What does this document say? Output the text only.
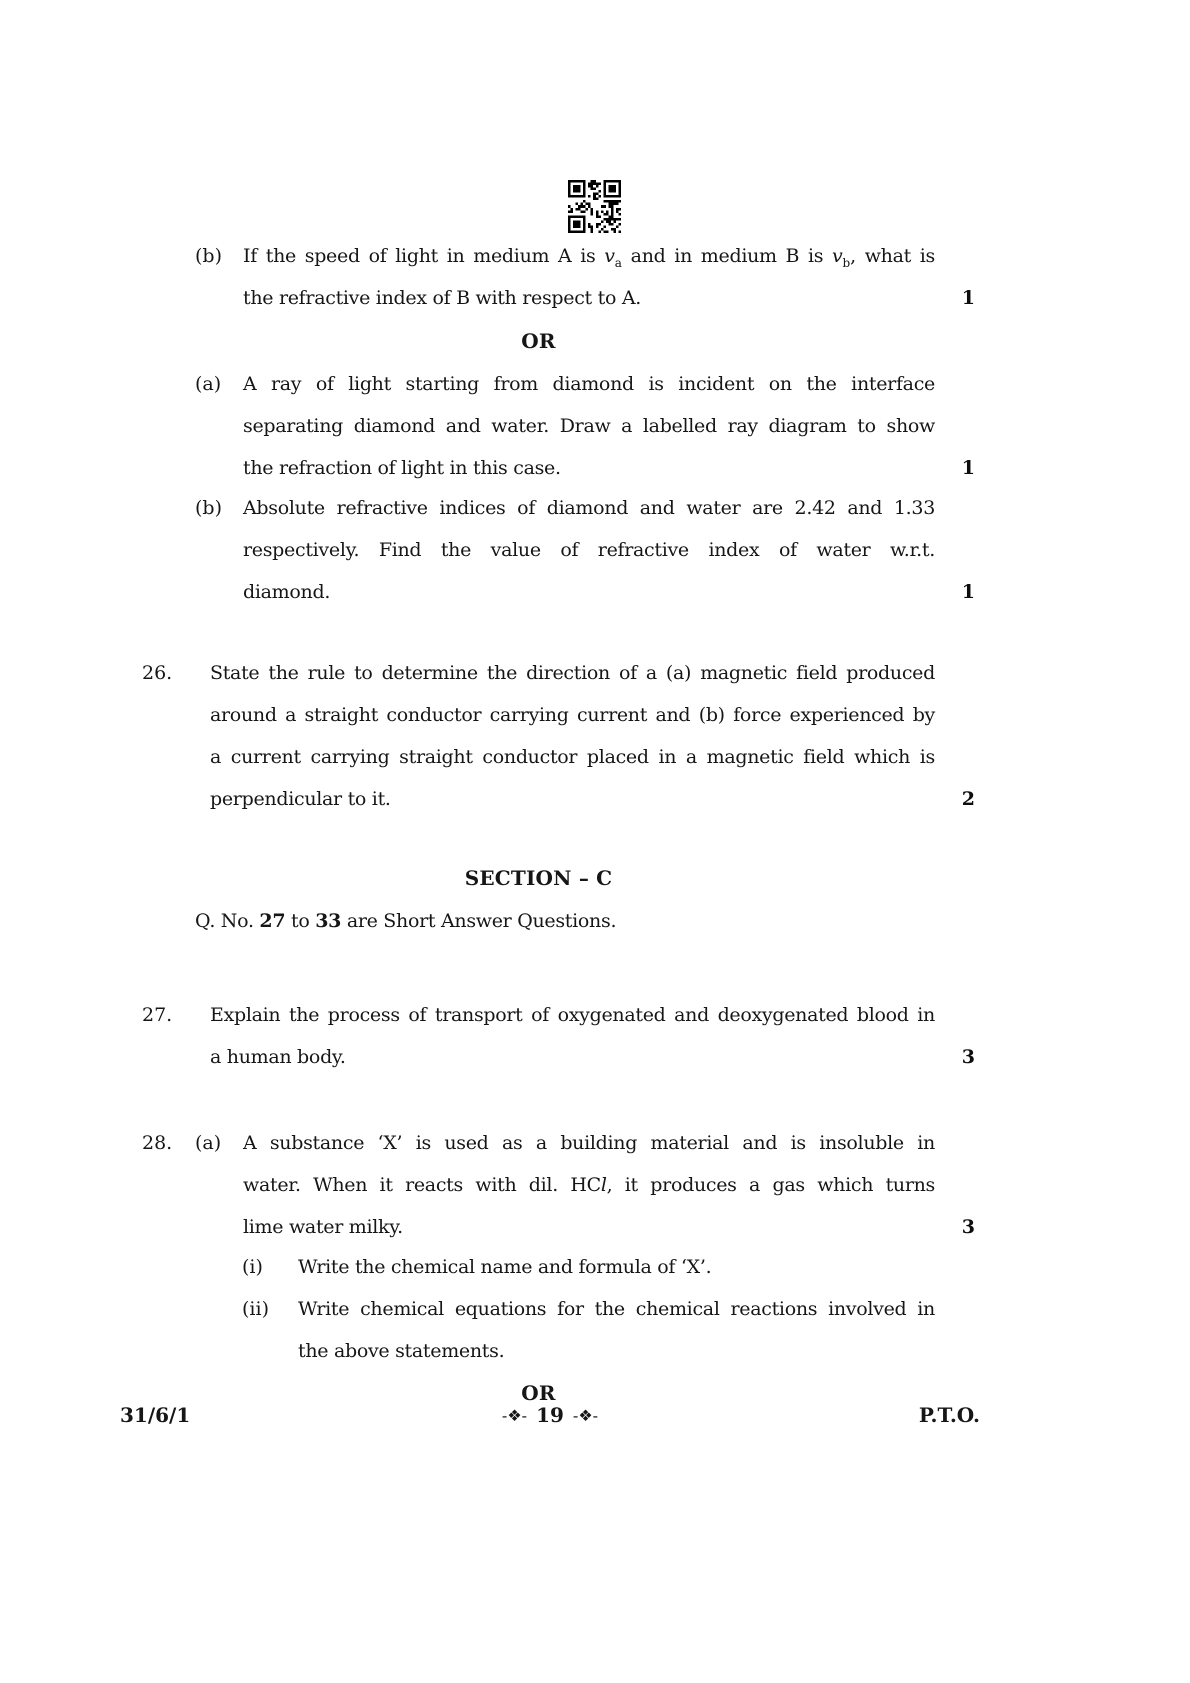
(b) If the speed of light in medium A is $v_a$ and in medium B is $v_b$, what is
the refractive index of B with respect to A.	1
OR
(a) A ray of light starting from diamond is incident on the interface
separating diamond and water. Draw a labelled ray diagram to show
the refraction of light in this case.	1
(b) Absolute refractive indices of diamond and water are 2.42 and 1.33
respectively. Find the value of refractive index of water w.r.t.
diamond.	1
26. State the rule to determine the direction of a (a) magnetic field produced
around a straight conductor carrying current and (b) force experienced by
a current carrying straight conductor placed in a magnetic field which is
perpendicular to it.	2
SECTION – C
Q. No. 27 to 33 are Short Answer Questions.
27. Explain the process of transport of oxygenated and deoxygenated blood in
a human body.	3
28. (a) A substance ‘X’ is used as a building material and is insoluble in
water. When it reacts with dil. HCl, it produces a gas which turns
lime water milky.	3
(i) Write the chemical name and formula of ‘X’.
(ii) Write chemical equations for the chemical reactions involved in
the above statements.
OR
31/6/1	-❖- 19 -❖-	P.T.O.
